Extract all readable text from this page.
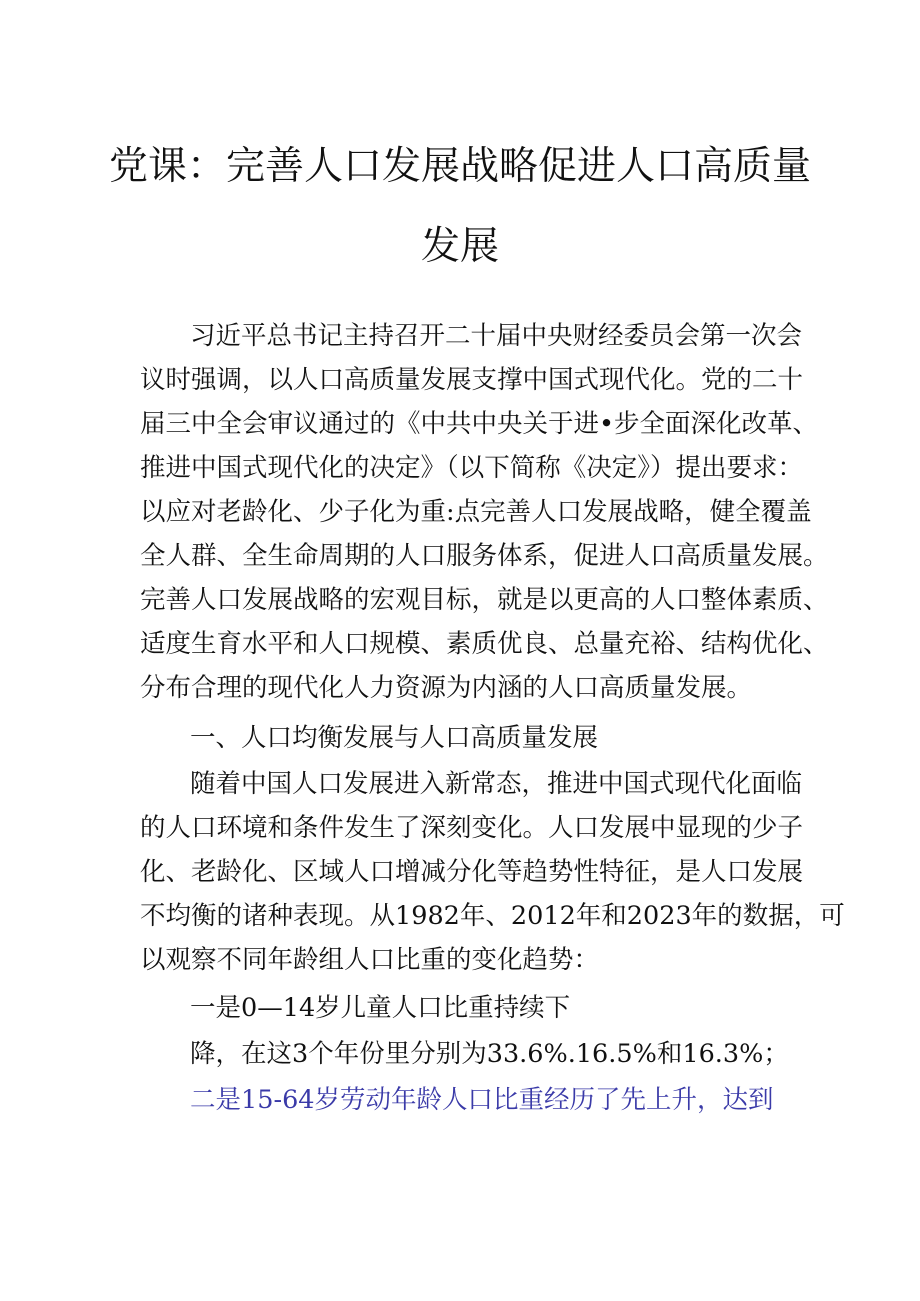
党课：完善人口发展战略促进人口高质量
发展

习近平总书记主持召开二十届中央财经委员会第一次会

议时强调，以人口高质量发展支撑中国式现代化。党的二十

届三中全会审议通过的《中共中央关于进•步全面深化改革、

推进中国式现代化的决定》（以下简称《决定》）提出要求：

以应对老龄化、少子化为重:点完善人口发展战略，健全覆盖

全人群、全生命周期的人口服务体系，促进人口高质量发展。

完善人口发展战略的宏观目标，就是以更高的人口整体素质、

适度生育水平和人口规模、素质优良、总量充裕、结构优化、

分布合理的现代化人力资源为内涵的人口高质量发展。

一、人口均衡发展与人口高质量发展

随着中国人口发展进入新常态，推进中国式现代化面临

的人口环境和条件发生了深刻变化。人口发展中显现的少子

化、老龄化、区域人口增减分化等趋势性特征，是人口发展

不均衡的诸种表现。从1982年、2012年和2023年的数据，可

以观察不同年龄组人口比重的变化趋势：

一是0—14岁儿童人口比重持续下

降，在这3个年份里分别为33.6%.16.5%和16.3%；

二是15-64岁劳动年龄人口比重经历了先上升，达到
